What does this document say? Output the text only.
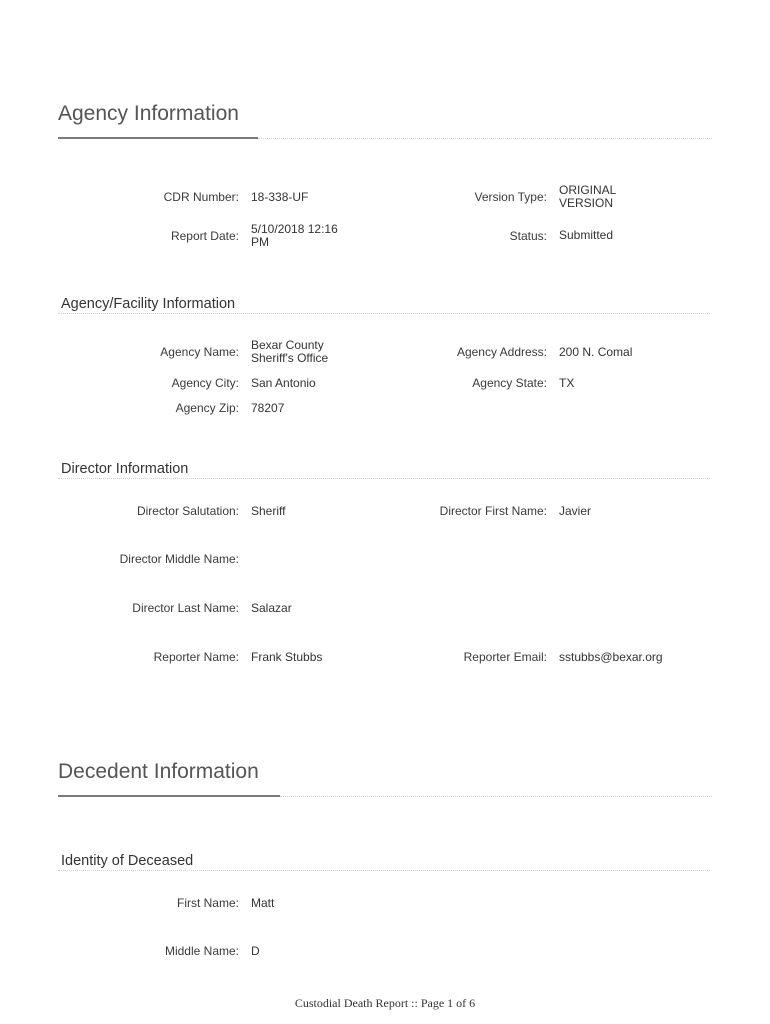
Agency Information
CDR Number: 18-338-UF	Version Type: ORIGINAL
VERSION
Report Date: 5/10/2018 12:16
PM	Status: Submitted
Agency/Facility Information
Agency Name: Bexar County
Sheriff's Office	Agency Address: 200 N. Comal
Agency City: San Antonio	Agency State: TX
Agency Zip: 78207
Director Information
Director Salutation: Sheriff	Director First Name: Javier
Director Middle Name:
Director Last Name: Salazar
Reporter Name: Frank Stubbs	Reporter Email: sstubbs@bexar.org
Decedent Information
Identity of Deceased
First Name: Matt
Middle Name: D
Custodial Death Report :: Page 1 of 6
